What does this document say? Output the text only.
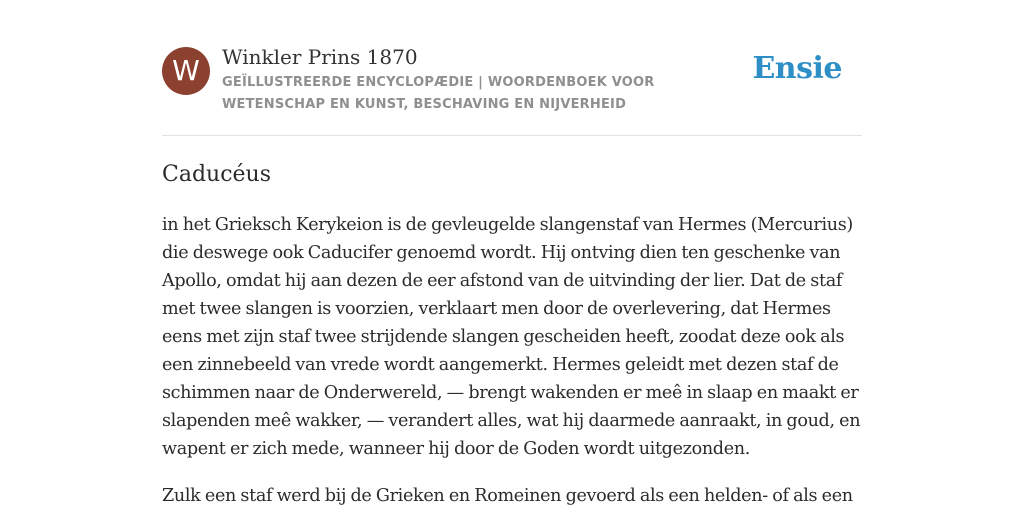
W	Winkler Prins 1870
GEÏLLUSTREERDE ENCYCLOPÆDIE | WOORDENBOEK VOOR WETENSCHAP EN KUNST, BESCHAVING EN NIJVERHEID
Ensie
Caducéus

in het Grieksch Kerykeion is de gevleugelde slangenstaf van Hermes (Mercurius) die deswege ook Caducifer genoemd wordt. Hij ontving dien ten geschenke van Apollo, omdat hij aan dezen de eer afstond van de uitvinding der lier. Dat de staf met twee slangen is voorzien, verklaart men door de overlevering, dat Hermes eens met zijn staf twee strijdende slangen gescheiden heeft, zoodat deze ook als een zinnebeeld van vrede wordt aangemerkt. Hermes geleidt met dezen staf de schimmen naar de Onderwereld, — brengt wakenden er meê in slaap en maakt er slapenden meê wakker, — verandert alles, wat hij daarmede aanraakt, in goud, en wapent er zich mede, wanneer hij door de Goden wordt uitgezonden.

Zulk een staf werd bij de Grieken en Romeinen gevoerd als een helden- of als een
